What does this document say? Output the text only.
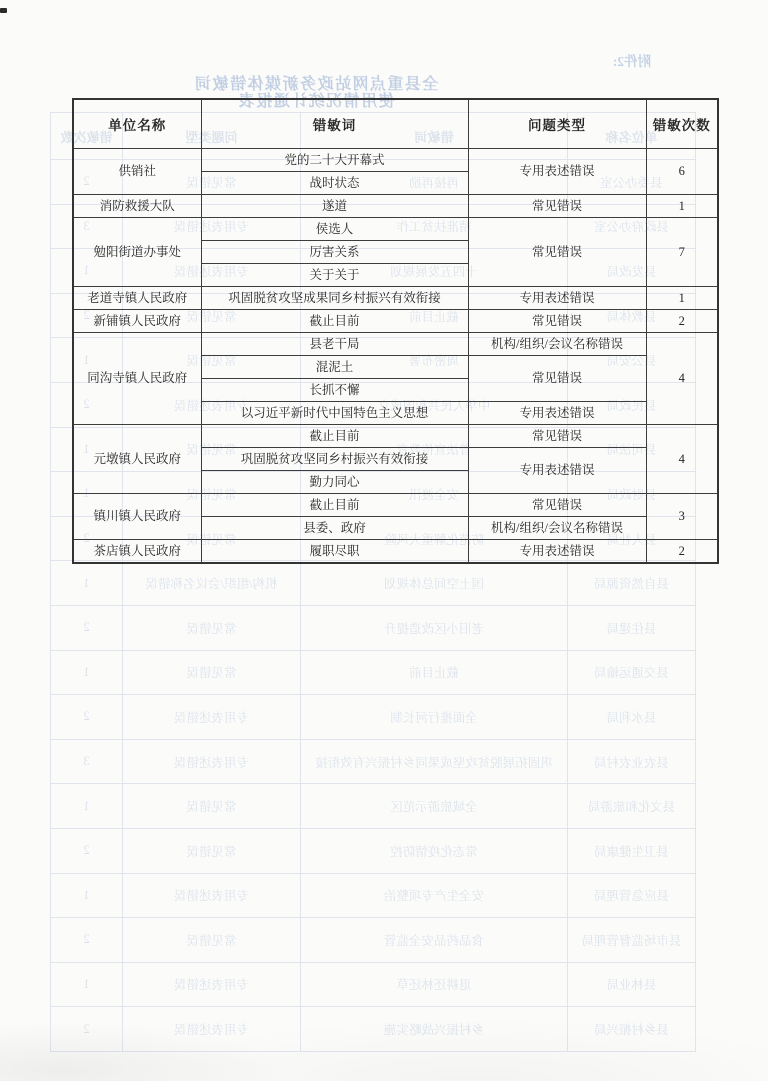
附件2:
全县重点网站政务新媒体错敏词
使用情况统计通报表
单位名称	错敏词	问题类型	错敏次数
县委办公室	再接再励	常见错误	2
县政府办公室	精准扶贫工作	专用表述错误	3
县发改局	十四五发展规划	专用表述错误	1
县教体局	截止目前	常见错误	2
县公安局	周密布署	常见错误	1
县民政局	中华人民共和国成立	专用表述错误	2
县司法局	普法宣传教育	常见错误	1
县财政局	安全渡汛	常见错误	1
县人社局	防范化解重大风险	常见错误	2
县自然资源局	国土空间总体规划	机构/组织/会议名称错误	1
县住建局	老旧小区改造提升	常见错误	2
县交通运输局	截止目前	常见错误	1
县水利局	全面推行河长制	专用表述错误	2
县农业农村局	巩固拓展脱贫攻坚成果同乡村振兴有效衔接	专用表述错误	3
县文化和旅游局	全域旅游示范区	常见错误	1
县卫生健康局	常态化疫情防控	常见错误	2
县应急管理局	安全生产专项整治	专用表述错误	1
县市场监督管理局	食品药品安全监管	常见错误	2
县林业局	退耕还林还草	专用表述错误	1
县乡村振兴局	乡村振兴战略实施	专用表述错误	2
单位名称	错敏词	问题类型	错敏次数
供销社	党的二十大开幕式	专用表述错误	6
	战时状态		
消防救援大队	遂道	常见错误	1
勉阳街道办事处	侯选人	常见错误	7
	厉害关系		
	关于关于		
老道寺镇人民政府	巩固脱贫攻坚成果同乡村振兴有效衔接	专用表述错误	1
新铺镇人民政府	截止目前	常见错误	2
同沟寺镇人民政府	县老干局	机构/组织/会议名称错误	4
	混泥土	常见错误	
	长抓不懈		
	以习近平新时代中国特色主义思想	专用表述错误	
元墩镇人民政府	截止目前	常见错误	4
	巩固脱贫攻坚同乡村振兴有效衔接	专用表述错误	
	勤力同心		
镇川镇人民政府	截止目前	常见错误	3
	县委、政府	机构/组织/会议名称错误	
茶店镇人民政府	履职尽职	专用表述错误	2
